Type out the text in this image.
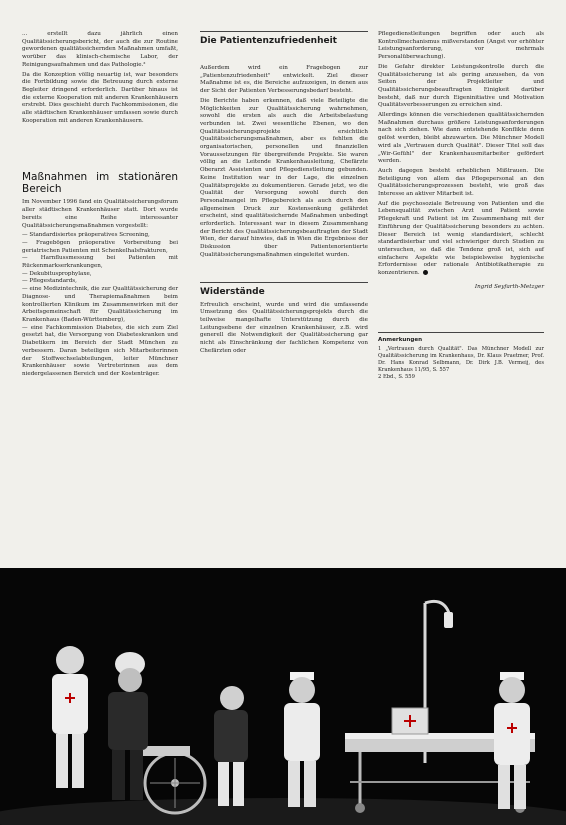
... erstellt dazu jährlich einen Qualitätssicherungsbericht, der auch die zur Routine gewordenen qualitätssichernden Maßnahmen umfaßt, worüber das klinisch-chemische Labor, der Reinigungsaufnahmen und das Pathologie.²

Da die Konzeption völlig neuartig ist, war besonders die Fortbildung sowie die Betreuung durch externe Begleiter dringend erforderlich. Darüber hinaus ist die externe Kooperation mit anderen Krankenhäusern erstrebt. Dies geschieht durch Fachkommissionen, die alle städtischen Krankenhäuser umfassen sowie durch Kooperation mit anderen Krankenhäusern.

Maßnahmen im stationären Bereich

Im November 1996 fand ein Qualitätssicherungsforum aller städtischen Krankenhäuser statt. Dort wurde bereits eine Reihe interessanter Qualitätssicherungsmaßnahmen vorgestellt:

— Standardisiertes präoperatives Screening,
— Fragebögen präoperative Vorbereitung bei geriatrischen Patienten mit Schenkelhalsfrakturen,
— Harnflussmessung bei Patienten mit Rückenmarkserkrankungen,
— Dekubitusprophylaxe,
— Pflegestandards,
— eine Medizintechnik, die zur Qualitätssicherung der Diagnose- und Therapiemaßnahmen beim kontrollierten Klinikum im Zusammenwirken mit der Arbeitsgemeinschaft für Qualitätssicherung im Krankenhaus (Baden-Württemberg),
— eine Fachkommission Diabetes, die sich zum Ziel gesetzt hat, die Versorgung von Diabeteskranken und Diabetikern im Bereich der Stadt München zu verbessern. Daran beteiligen sich Mitarbeiterinnen der Stoffwechselabteilungen, leiter Münchner Krankenhäuser sowie Vertreterinnen aus dem niedergelassenen Bereich und der Kostenträger.
Die Patientenzufriedenheit

Außerdem wird ein Fragebogen zur „Patientenzufriedenheit" entwickelt. Ziel dieser Maßnahme ist es, die Bereiche aufzuzeigen, in denen aus der Sicht der Patienten Verbesserungsbedarf besteht.

Die Berichte haben erkennen, daß viele Beteiligte die Möglichkeiten zur Qualitätssicherung wahrnehmen, sowohl die ersten als auch die Arbeitsbelastung verbunden ist. Zwei wesentliche Ebenen, wo den Qualitätssicherungsprojekte ersichtlich Qualitätssicherungsmaßnahmen, aber es fehlten die organisatorischen, personellen und finanziellen Voraussetzungen für übergreifende Projekte. Sie waren völlig an die Leitende Krankenhausleitung, Chefärzte Oberarzt Assistenten und Pflegedienstleitung gebunden. Keine Institution war in der Lage, die einzelnen Qualitätsprojekte zu dokumentieren. Gerade jetzt, wo die Qualität der Versorgung sowohl durch den Personalmangel im Pflegebereich als auch durch den allgemeinen Druck zur Kostensenkung gefährdet erscheint, sind qualitätssichernde Maßnahmen unbedingt erforderlich. Interessant war in diesem Zusammenhang der Bericht des Qualitätssicherungsbeauftragten der Stadt Wien, der darauf hinwies, daß in Wien die Ergebnisse der Diskussion über Patientenorientierte Qualitätssicherungsmaßnahmen eingeleitet wurden.

Widerstände

Erfreulich erscheint, wurde und wird die umfassende Umsetzung des Qualitätssicherungsprojekts durch die teilweise mangelhafte Unterstützung durch die Leitungsebene der einzelnen Krankenhäuser, z.B. wird generell die Notwendigkeit der Qualitätssicherung gar nicht als Einschränkung der fachlichen Kompetenz von Chefärzten oder

Pflegedienstleitungen begriffen oder auch als Kontrollmechanismus mißverstanden (Angst vor erhöhter Leistungsanforderung, vor mehrmals Personalüberwachung).

Die Gefahr direkter Leistungskontrolle durch die Qualitätssicherung ist als gering anzusehen, da von Seiten der Projektleiter und Qualitätssicherungsbeauftragten Einigkeit darüber besteht, daß nur durch Eigeninitiative und Motivation Qualitätsverbesserungen zu erreichen sind.

Allerdings können die verschiedenen qualitätssichernden Maßnahmen durchaus größere Leistungsanforderungen nach sich ziehen. Wie dann entstehende Konflikte denn gelöst werden, bleibt abzuwarten. Die Münchner Modell wird als „Vertrauen durch Qualität". Dieser Titel soll das „Wir-Gefühl" der Krankenhausmitarbeiter gefördert werden.

Auch dagegen besteht erheblichen Mißtrauen. Die Beteiligung von allem das Pflegepersonal an den Qualitätssicherungsprozessen besteht, wie groß das Interesse an aktiver Mitarbeit ist.

Auf die psychosoziale Betreuung von Patienten und die Lebensqualität zwischen Arzt und Patient sowie Pflegekraft und Patient ist im Zusammenhang mit der Einführung der Qualitätssicherung besonders zu achten. Dieser Bereich ist wenig standardisiert, schlecht standardisierbar und viel schwieriger durch Studien zu untersuchen, so daß die Tendenz groß ist, sich auf einfachere Aspekte wie beispielsweise hygienische Erfordernisse oder rationale Antibiotikatherapie zu konzentrieren.

Ingrid Seyfarth-Metzger
Anmerkungen
1 „Vertrauen durch Qualität". Das Münchner Modell zur Qualitätssicherung im Krankenhaus, Dr. Klaus Praetmer, Prof. Dr. Hans Konrad Selbmann, Dr. Dirk J.B. Vermeij, des Krankenhaus 11/95, S. 557
2 Ebd., S. 559
